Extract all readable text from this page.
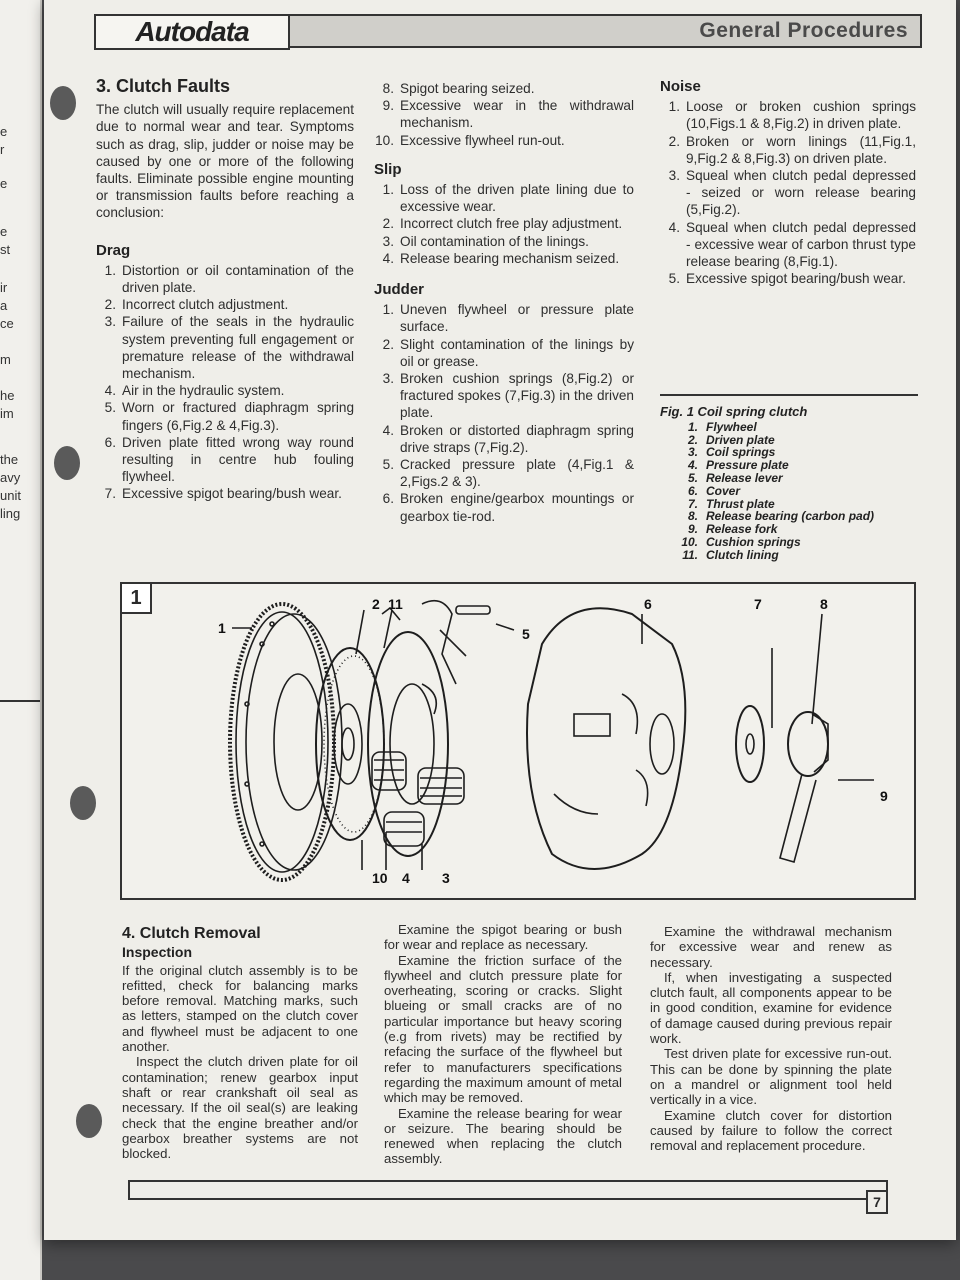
e
r
e
e
st
ir
a
ce
m
he
im
the
avy
unit
ling
General Procedures
Autodata
3. Clutch Faults

The clutch will usually require replacement due to normal wear and tear. Symptoms such as drag, slip, judder or noise may be caused by one or more of the following faults. Eliminate possible engine mounting or transmission faults before reaching a conclusion:

Drag
1. Distortion or oil contamination of the driven plate.
2. Incorrect clutch adjustment.
3. Failure of the seals in the hydraulic system preventing full engagement or premature release of the withdrawal mechanism.
4. Air in the hydraulic system.
5. Worn or fractured diaphragm spring fingers (6,Fig.2 & 4,Fig.3).
6. Driven plate fitted wrong way round resulting in centre hub fouling flywheel.
7. Excessive spigot bearing/bush wear.
8. Spigot bearing seized.
9. Excessive wear in the withdrawal mechanism.
10. Excessive flywheel run-out.
Slip
1. Loss of the driven plate lining due to excessive wear.
2. Incorrect clutch free play adjustment.
3. Oil contamination of the linings.
4. Release bearing mechanism seized.
Judder
1. Uneven flywheel or pressure plate surface.
2. Slight contamination of the linings by oil or grease.
3. Broken cushion springs (8,Fig.2) or fractured spokes (7,Fig.3) in the driven plate.
4. Broken or distorted diaphragm spring drive straps (7,Fig.2).
5. Cracked pressure plate (4,Fig.1 & 2,Figs.2 & 3).
6. Broken engine/gearbox mountings or gearbox tie-rod.
Noise
1. Loose or broken cushion springs (10,Figs.1 & 8,Fig.2) in driven plate.
2. Broken or worn linings (11,Fig.1, 9,Fig.2 & 8,Fig.3) on driven plate.
3. Squeal when clutch pedal depressed - seized or worn release bearing (5,Fig.2).
4. Squeal when clutch pedal depressed - excessive wear of carbon thrust type release bearing (8,Fig.1).
5. Excessive spigot bearing/bush wear.
Fig. 1 Coil spring clutch
1. Flywheel
2. Driven plate
3. Coil springs
4. Pressure plate
5. Release lever
6. Cover
7. Thrust plate
8. Release bearing (carbon pad)
9. Release fork
10. Cushion springs
11. Clutch lining
1
1
2 11
5
6	7	8
9
10 4 3
4. Clutch Removal
Inspection

If the original clutch assembly is to be refitted, check for balancing marks before removal. Matching marks, such as letters, stamped on the clutch cover and flywheel must be adjacent to one another.

Inspect the clutch driven plate for oil contamination; renew gearbox input shaft or rear crankshaft oil seal as necessary. If the oil seal(s) are leaking check that the engine breather and/or gearbox breather systems are not blocked.

Examine the spigot bearing or bush for wear and replace as necessary.

Examine the friction surface of the flywheel and clutch pressure plate for overheating, scoring or cracks. Slight blueing or small cracks are of no particular importance but heavy scoring (e.g from rivets) may be rectified by refacing the surface of the flywheel but refer to manufacturers specifications regarding the maximum amount of metal which may be removed.

Examine the release bearing for wear or seizure. The bearing should be renewed when replacing the clutch assembly.

Examine the withdrawal mechanism for excessive wear and renew as necessary.

If, when investigating a suspected clutch fault, all components appear to be in good condition, examine for evidence of damage caused during previous repair work.

Test driven plate for excessive run-out. This can be done by spinning the plate on a mandrel or alignment tool held vertically in a vice.

Examine clutch cover for distortion caused by failure to follow the correct removal and replacement procedure.

7
